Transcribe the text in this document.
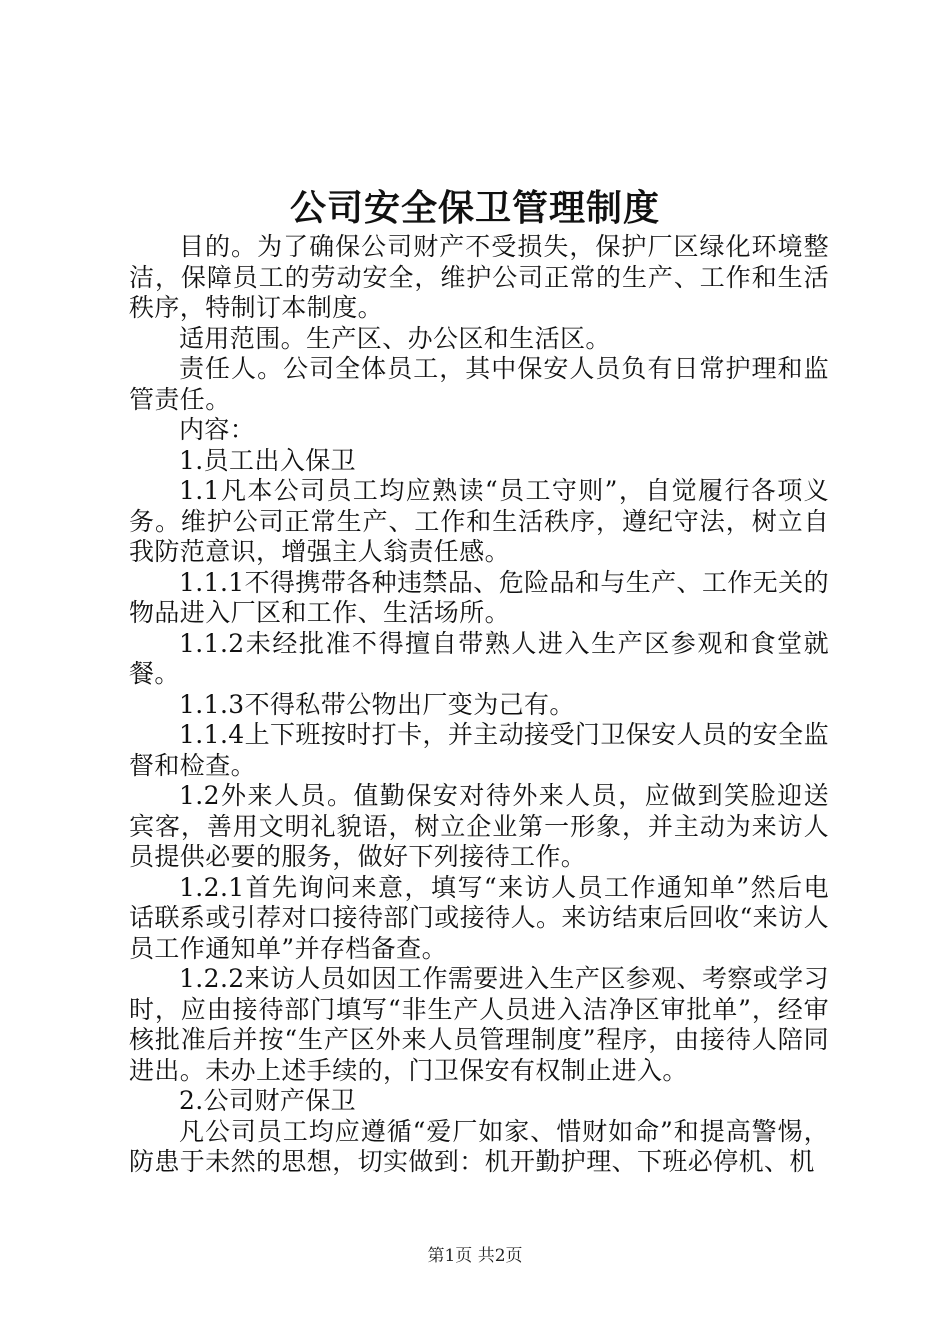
公司安全保卫管理制度

目的。为了确保公司财产不受损失，保护厂区绿化环境整洁，保障员工的劳动安全，维护公司正常的生产、工作和生活秩序，特制订本制度。

适用范围。生产区、办公区和生活区。

责任人。公司全体员工，其中保安人员负有日常护理和监管责任。

内容：

1.员工出入保卫

1.1凡本公司员工均应熟读“员工守则”，自觉履行各项义务。维护公司正常生产、工作和生活秩序，遵纪守法，树立自我防范意识，增强主人翁责任感。

1.1.1不得携带各种违禁品、危险品和与生产、工作无关的物品进入厂区和工作、生活场所。

1.1.2未经批准不得擅自带熟人进入生产区参观和食堂就餐。

1.1.3不得私带公物出厂变为己有。

1.1.4上下班按时打卡，并主动接受门卫保安人员的安全监督和检查。

1.2外来人员。值勤保安对待外来人员，应做到笑脸迎送宾客，善用文明礼貌语，树立企业第一形象，并主动为来访人员提供必要的服务，做好下列接待工作。

1.2.1首先询问来意，填写“来访人员工作通知单”然后电话联系或引荐对口接待部门或接待人。来访结束后回收“来访人员工作通知单”并存档备查。

1.2.2来访人员如因工作需要进入生产区参观、考察或学习时，应由接待部门填写“非生产人员进入洁净区审批单”，经审核批准后并按“生产区外来人员管理制度”程序，由接待人陪同进出。未办上述手续的，门卫保安有权制止进入。

2.公司财产保卫

凡公司员工均应遵循“爱厂如家、惜财如命”和提高警惕，防患于未然的思想，切实做到：机开勤护理、下班必停机、机

第1页 共2页
